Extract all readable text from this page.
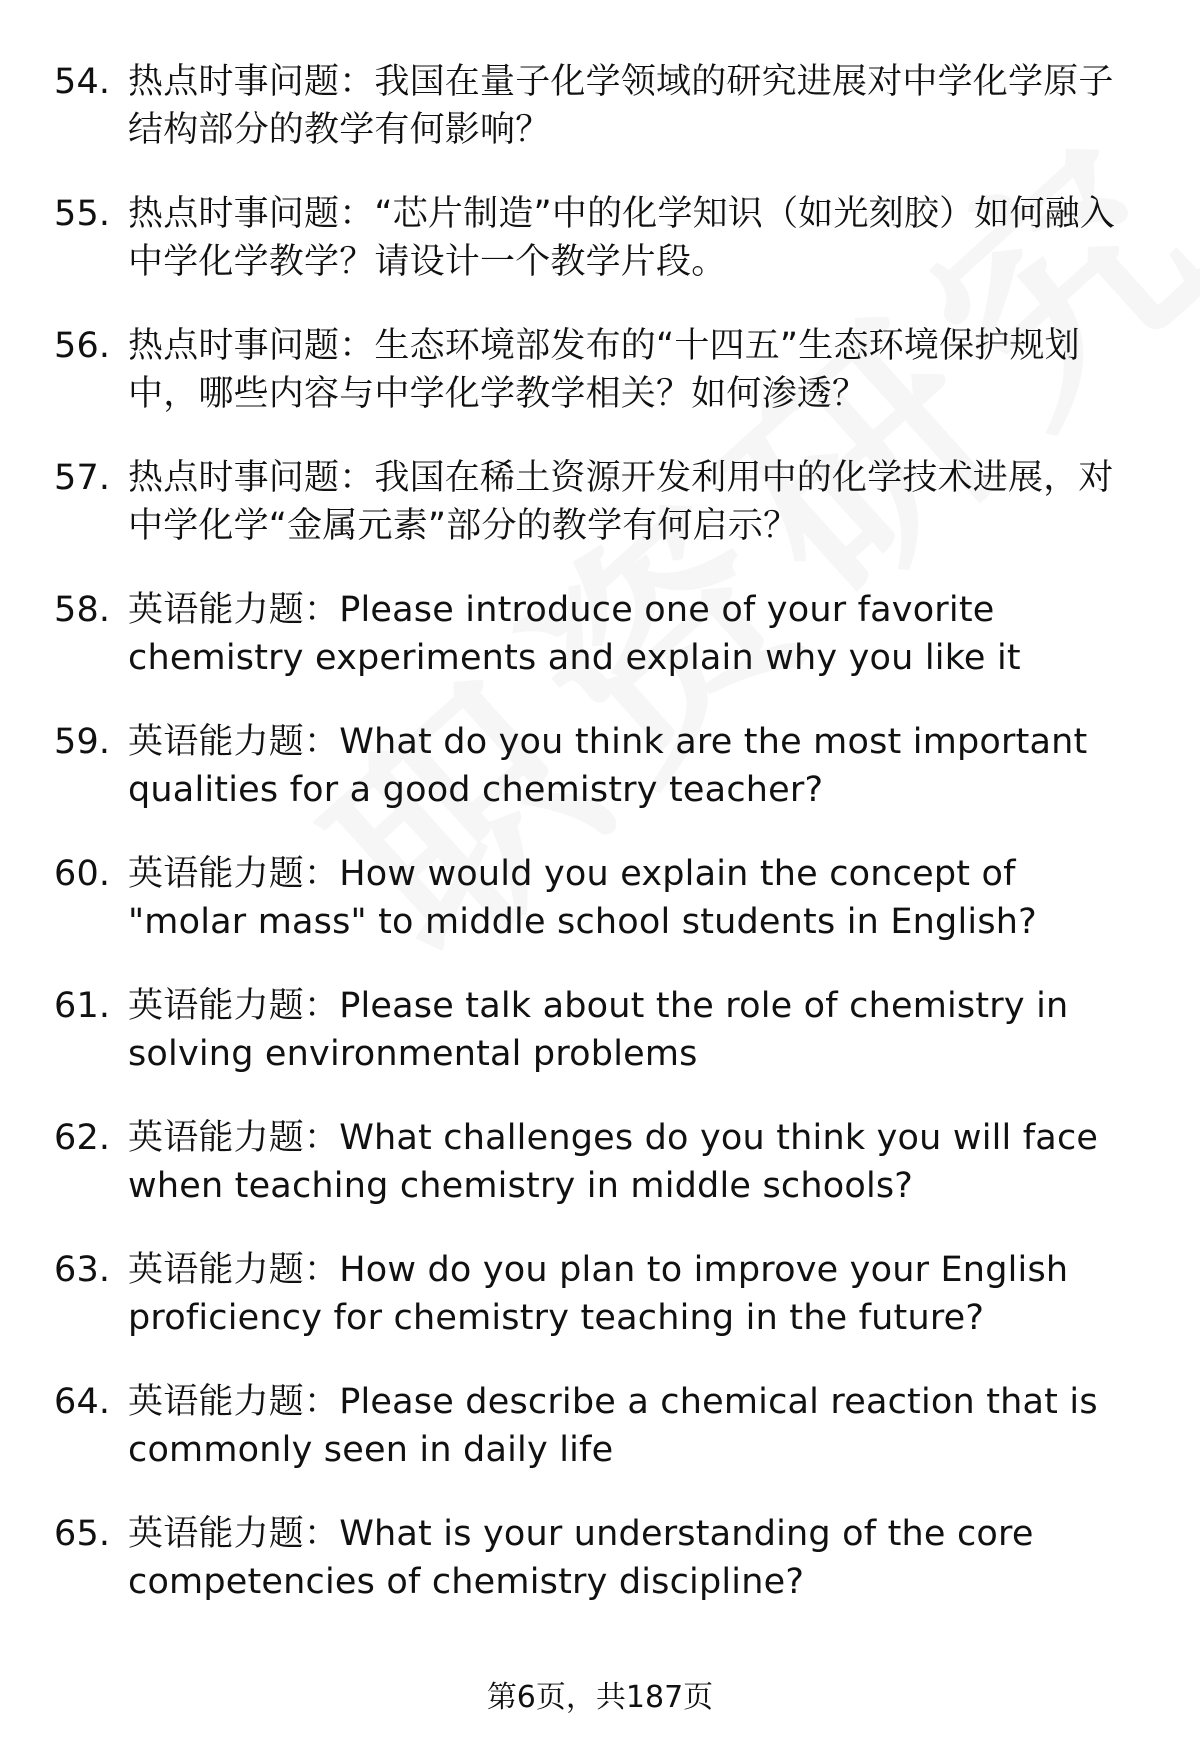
54. 热点时事问题：我国在量子化学领域的研究进展对中学化学原子结构部分的教学有何影响？
55. 热点时事问题：“芯片制造”中的化学知识（如光刻胶）如何融入中学化学教学？请设计一个教学片段。
56. 热点时事问题：生态环境部发布的“十四五”生态环境保护规划中，哪些内容与中学化学教学相关？如何渗透？
57. 热点时事问题：我国在稀土资源开发利用中的化学技术进展，对中学化学“金属元素”部分的教学有何启示？
58. 英语能力题：Please introduce one of your favorite chemistry experiments and explain why you like it
59. 英语能力题：What do you think are the most important qualities for a good chemistry teacher?
60. 英语能力题：How would you explain the concept of "molar mass" to middle school students in English?
61. 英语能力题：Please talk about the role of chemistry in solving environmental problems
62. 英语能力题：What challenges do you think you will face when teaching chemistry in middle schools?
63. 英语能力题：How do you plan to improve your English proficiency for chemistry teaching in the future?
64. 英语能力题：Please describe a chemical reaction that is commonly seen in daily life
65. 英语能力题：What is your understanding of the core competencies of chemistry discipline?
第6页，共187页
